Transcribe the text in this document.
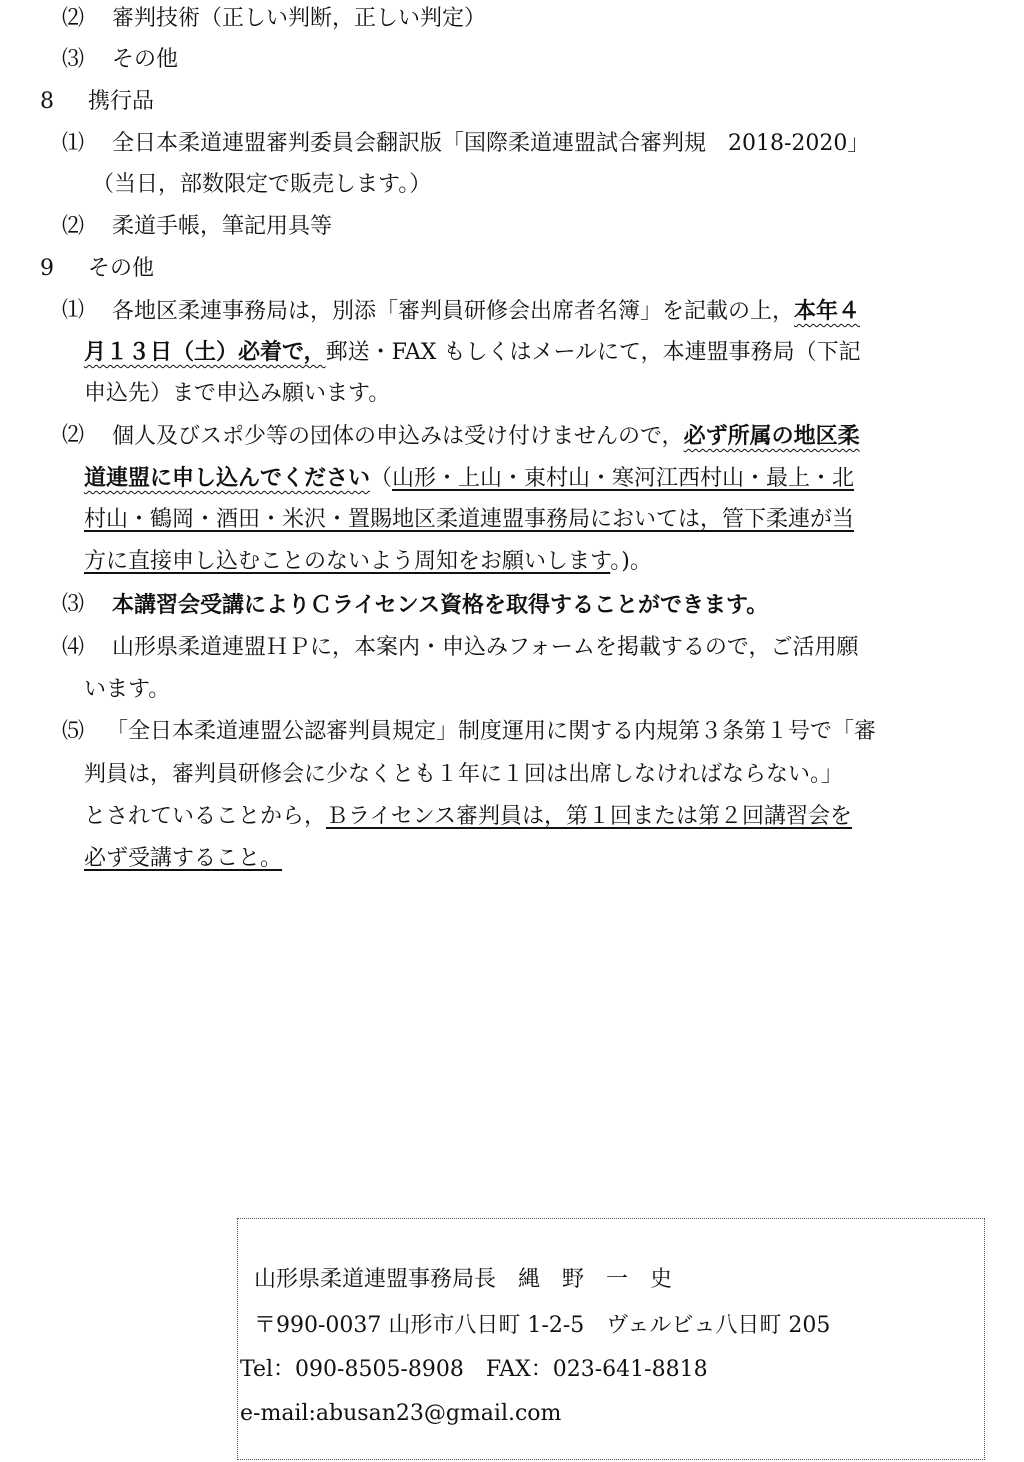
⑵ 審判技術（正しい判断，正しい判定）
⑶ その他
8 携行品
⑴ 全日本柔道連盟審判委員会翻訳版「国際柔道連盟試合審判規　2018-2020」
（当日，部数限定で販売します。）
⑵ 柔道手帳，筆記用具等
9 その他
⑴ 各地区柔連事務局は，別添「審判員研修会出席者名簿」を記載の上，本年４
月１３日（土）必着で，郵送・FAX もしくはメールにて，本連盟事務局（下記
申込先）まで申込み願います。
⑵ 個人及びスポ少等の団体の申込みは受け付けませんので，必ず所属の地区柔
道連盟に申し込んでください（山形・上山・東村山・寒河江西村山・最上・北
村山・鶴岡・酒田・米沢・置賜地区柔道連盟事務局においては，管下柔連が当
方に直接申し込むことのないよう周知をお願いします。)。
⑶ 本講習会受講によりＣライセンス資格を取得することができます。
⑷ 山形県柔道連盟ＨＰに，本案内・申込みフォームを掲載するので，ご活用願
います。
⑸ 「全日本柔道連盟公認審判員規定」制度運用に関する内規第３条第１号で「審
判員は，審判員研修会に少なくとも１年に１回は出席しなければならない。」
とされていることから，Ｂライセンス審判員は，第１回または第２回講習会を
必ず受講すること。
山形県柔道連盟事務局長　縄　野　一　史
〒990-0037 山形市八日町 1-2-5　ヴェルビュ八日町 205
Tel：090-8505-8908　FAX：023-641-8818
e-mail:abusan23@gmail.com
